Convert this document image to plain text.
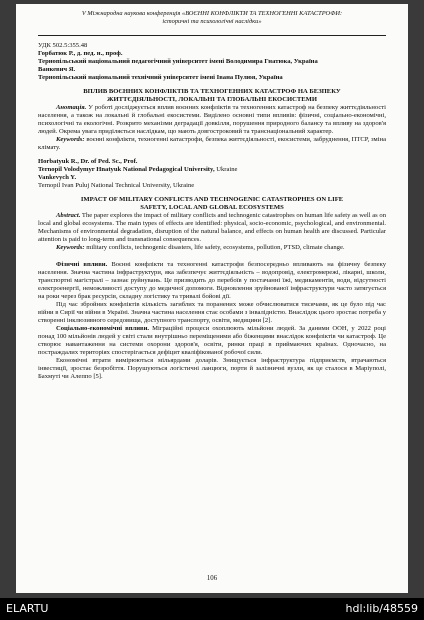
V Міжнародна наукова конференція «ВОЄННІ КОНФЛІКТИ ТА ТЕХНОГЕННІ КАТАСТРОФИ:
історичні та психологічні наслідки»

УДК 502.5:355.48

Горбатюк Р., д. пед. н., проф.

Тернопільський національний педагогічний університет імені Володимира Гнатюка, Україна

Ванкевич Я.

Тернопільський національний технічний університет імені Івана Пулюя, Україна

ВПЛИВ ВОЄННИХ КОНФЛІКТІВ ТА ТЕХНОГЕННИХ КАТАСТРОФ НА БЕЗПЕКУ
ЖИТТЄДІЯЛЬНОСТІ, ЛОКАЛЬНІ ТА ГЛОБАЛЬНІ ЕКОСИСТЕМИ

Анотація. У роботі досліджується вплив воєнних конфліктів та техногенних катастроф на безпеку життєдіяльності населення, а також на локальні й глобальні екосистеми. Виділено основні типи впливів: фізичні, соціально-економічні, психологічні та екологічні. Розкрито механізми деградації довкілля, порушення природного балансу та впливу на здоров'я людей. Окрема увага приділяється наслідкам, що мають довгостроковий та транснаціональний характер.

Keywords: воєнні конфлікти, техногенні катастрофи, безпека життєдіяльності, екосистеми, забруднення, ПТСР, зміна клімату.

Horbatyuk R., Dr. of Ped. Sc., Prof.

Ternopil Volodymyr Hnatyuk National Pedagogical University, Ukraine

Vankevych Y.

Ternopil Ivan Puluj National Technical University, Ukraine

IMPACT OF MILITARY CONFLICTS AND TECHNOGENIC CATASTROPHES ON LIFE
SAFETY, LOCAL AND GLOBAL ECOSYSTEMS

Abstract. The paper explores the impact of military conflicts and technogenic catastrophes on human life safety as well as on local and global ecosystems. The main types of effects are identified: physical, socio-economic, psychological, and environmental. Mechanisms of environmental degradation, disruption of the natural balance, and effects on human health are discussed. Particular attention is paid to long-term and transnational consequences.

Keywords: military conflicts, technogenic disasters, life safety, ecosystems, pollution, PTSD, climate change.

Фізичні впливи. Воєнні конфлікти та техногенні катастрофи безпосередньо впливають на фізичну безпеку населення. Значна частина інфраструктури, яка забезпечує життєдіяльність – водопровід, електромережі, лікарні, школи, транспортні магістралі – зазнає руйнувань. Це призводить до перебоїв у постачанні їжі, медикаментів, води, відсутності електроенергії, неможливості доступу до медичної допомоги. Відновлення зруйнованої інфраструктури часто затягується на роки через брак ресурсів, складну логістику та тривалі бойові дії.

Під час збройних конфліктів кількість загиблих та поранених може обчислюватися тисячами, як це було під час війни в Сирії чи війни в Україні. Значна частина населення стає особами з інвалідністю. Внаслідок цього зростає потреба у створенні інклюзивного середовища, доступного транспорту, освіти, медицини [2].

Соціально-економічні впливи. Міграційні процеси охоплюють мільйони людей. За даними ООН, у 2022 році понад 100 мільйонів людей у світі стали внутрішньо переміщеними або біженцями внаслідок конфліктів чи катастроф. Це створює навантаження на системи охорони здоров'я, освіти, ринки праці в приймаючих країнах. Одночасно, на постраждалих територіях спостерігається дефіцит кваліфікованої робочої сили.

Економічні втрати вимірюються мільярдами доларів. Знищується інфраструктура підприємств, втрачаються інвестиції, зростає безробіття. Порушуються логістичні ланцюги, порти й залізничні вузли, як це сталося в Маріуполі, Бахмуті чи Алеппо [5].

106
ELARTU	hdl:lib/48559
